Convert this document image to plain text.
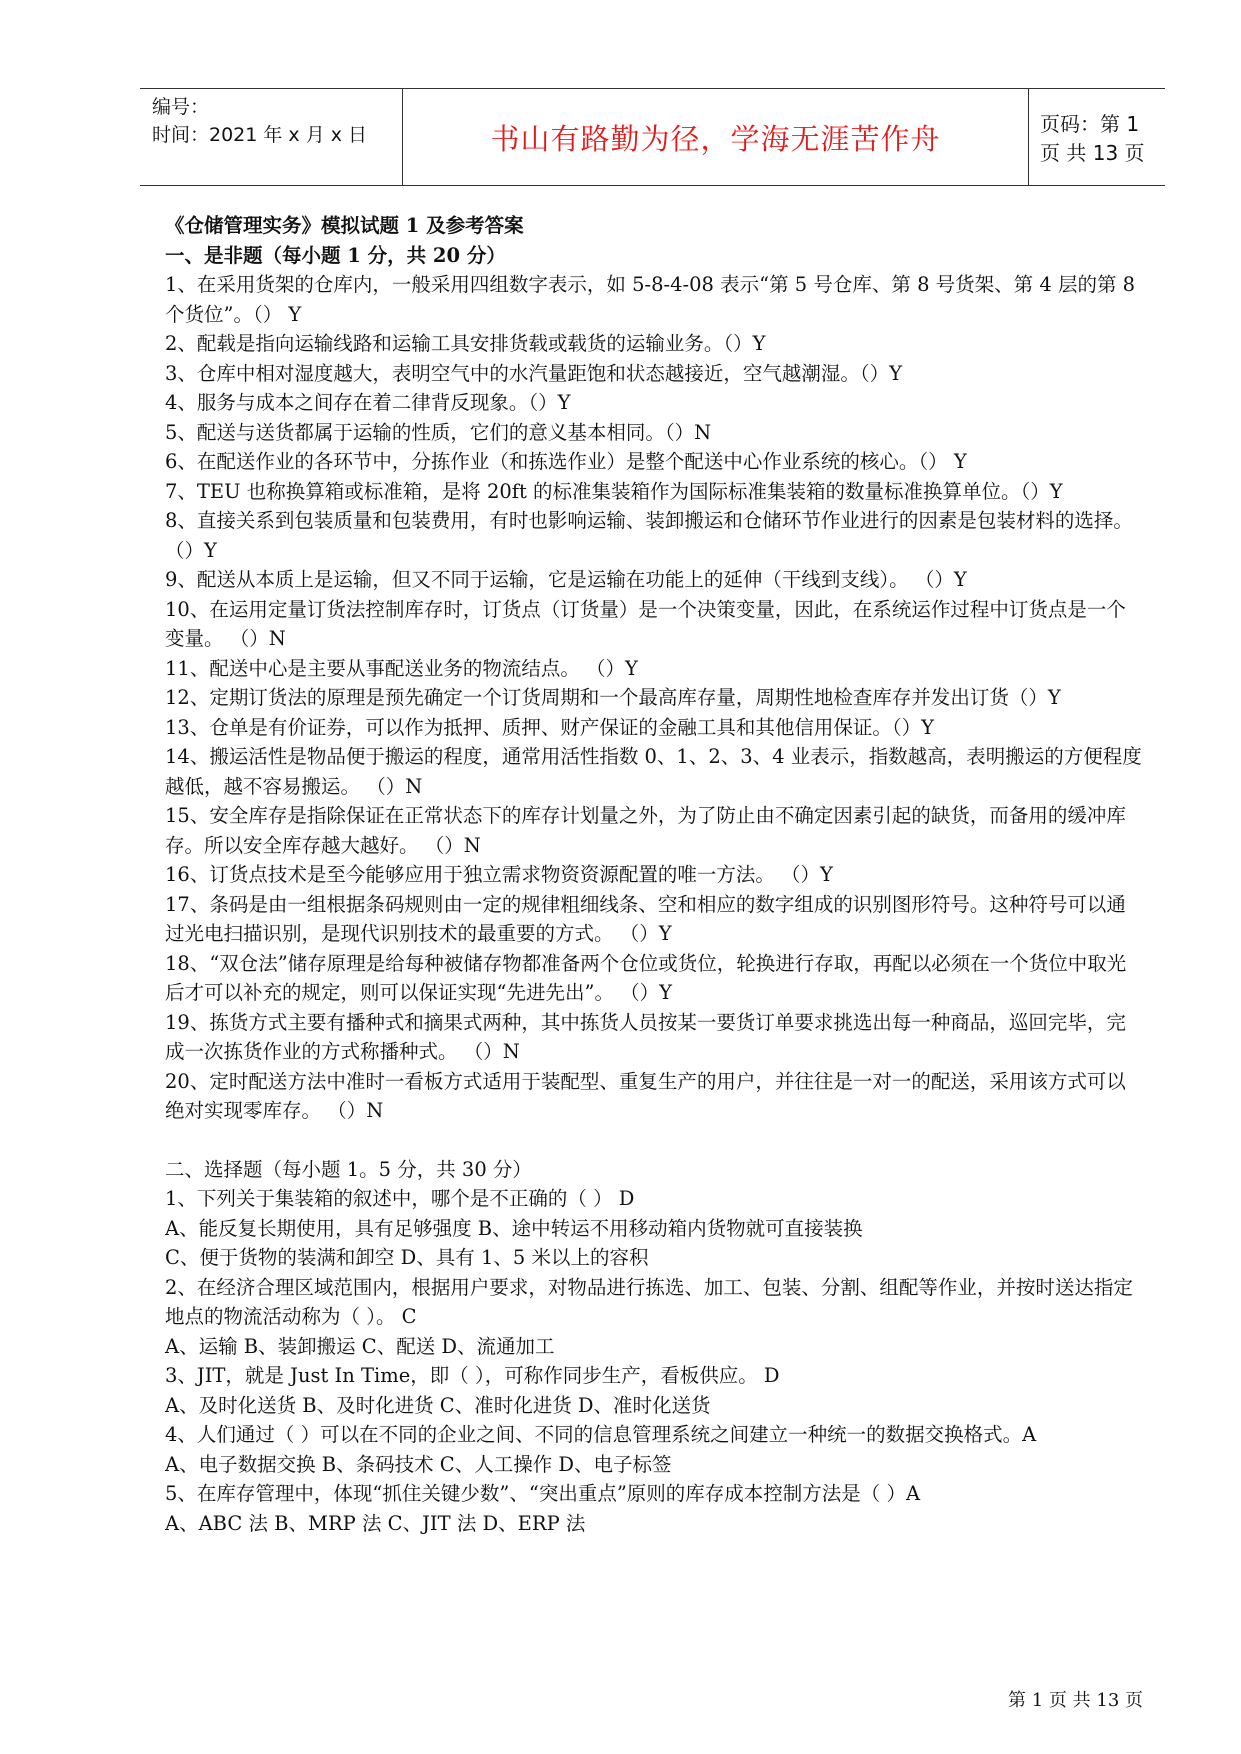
编号：
时间：2021 年 x 月 x 日	书山有路勤为径，学海无涯苦作舟	页码：第 1 页 共 13 页

《仓储管理实务》模拟试题 1 及参考答案

一、是非题（每小题 1 分，共 20 分）

1、在采用货架的仓库内，一般采用四组数字表示，如 5-8-4-08 表示“第 5 号仓库、第 8 号货架、第 4 层的第 8 个货位”。（） Y

2、配载是指向运输线路和运输工具安排货载或载货的运输业务。（）Y

3、仓库中相对湿度越大，表明空气中的水汽量距饱和状态越接近，空气越潮湿。（）Y

4、服务与成本之间存在着二律背反现象。（）Y

5、配送与送货都属于运输的性质，它们的意义基本相同。（）N

6、在配送作业的各环节中，分拣作业（和拣选作业）是整个配送中心作业系统的核心。（） Y

7、TEU 也称换算箱或标准箱，是将 20ft 的标准集装箱作为国际标准集装箱的数量标准换算单位。（）Y

8、直接关系到包装质量和包装费用，有时也影响运输、装卸搬运和仓储环节作业进行的因素是包装材料的选择。（）Y

9、配送从本质上是运输，但又不同于运输，它是运输在功能上的延伸（干线到支线）。 （）Y

10、在运用定量订货法控制库存时，订货点（订货量）是一个决策变量，因此，在系统运作过程中订货点是一个变量。 （）N

11、配送中心是主要从事配送业务的物流结点。 （）Y

12、定期订货法的原理是预先确定一个订货周期和一个最高库存量，周期性地检查库存并发出订货（）Y

13、仓单是有价证券，可以作为抵押、质押、财产保证的金融工具和其他信用保证。（）Y

14、搬运活性是物品便于搬运的程度，通常用活性指数 0、1、2、3、4 业表示，指数越高，表明搬运的方便程度越低，越不容易搬运。 （）N

15、安全库存是指除保证在正常状态下的库存计划量之外，为了防止由不确定因素引起的缺货，而备用的缓冲库存。所以安全库存越大越好。 （）N

16、订货点技术是至今能够应用于独立需求物资资源配置的唯一方法。 （）Y

17、条码是由一组根据条码规则由一定的规律粗细线条、空和相应的数字组成的识别图形符号。这种符号可以通过光电扫描识别，是现代识别技术的最重要的方式。 （）Y

18、“双仓法”储存原理是给每种被储存物都准备两个仓位或货位，轮换进行存取，再配以必须在一个货位中取光后才可以补充的规定，则可以保证实现“先进先出”。 （）Y

19、拣货方式主要有播种式和摘果式两种，其中拣货人员按某一要货订单要求挑选出每一种商品，巡回完毕，完成一次拣货作业的方式称播种式。 （）N

20、定时配送方法中准时一看板方式适用于装配型、重复生产的用户，并往往是一对一的配送，采用该方式可以绝对实现零库存。 （）N

二、选择题（每小题 1。5 分，共 30 分）

1、下列关于集装箱的叙述中，哪个是不正确的（ ） D

A、能反复长期使用，具有足够强度 B、途中转运不用移动箱内货物就可直接装换

C、便于货物的装满和卸空 D、具有 1、5 米以上的容积

2、在经济合理区域范围内，根据用户要求，对物品进行拣选、加工、包装、分割、组配等作业，并按时送达指定地点的物流活动称为（ ）。 C

A、运输 B、装卸搬运 C、配送 D、流通加工

3、JIT，就是 Just In Time，即（ ），可称作同步生产，看板供应。 D

A、及时化送货 B、及时化进货 C、准时化进货 D、准时化送货

4、人们通过（ ）可以在不同的企业之间、不同的信息管理系统之间建立一种统一的数据交换格式。A

A、电子数据交换 B、条码技术 C、人工操作 D、电子标签

5、在库存管理中，体现“抓住关键少数”、“突出重点”原则的库存成本控制方法是（ ）A

A、ABC 法 B、MRP 法 C、JIT 法 D、ERP 法

第 1 页 共 13 页
